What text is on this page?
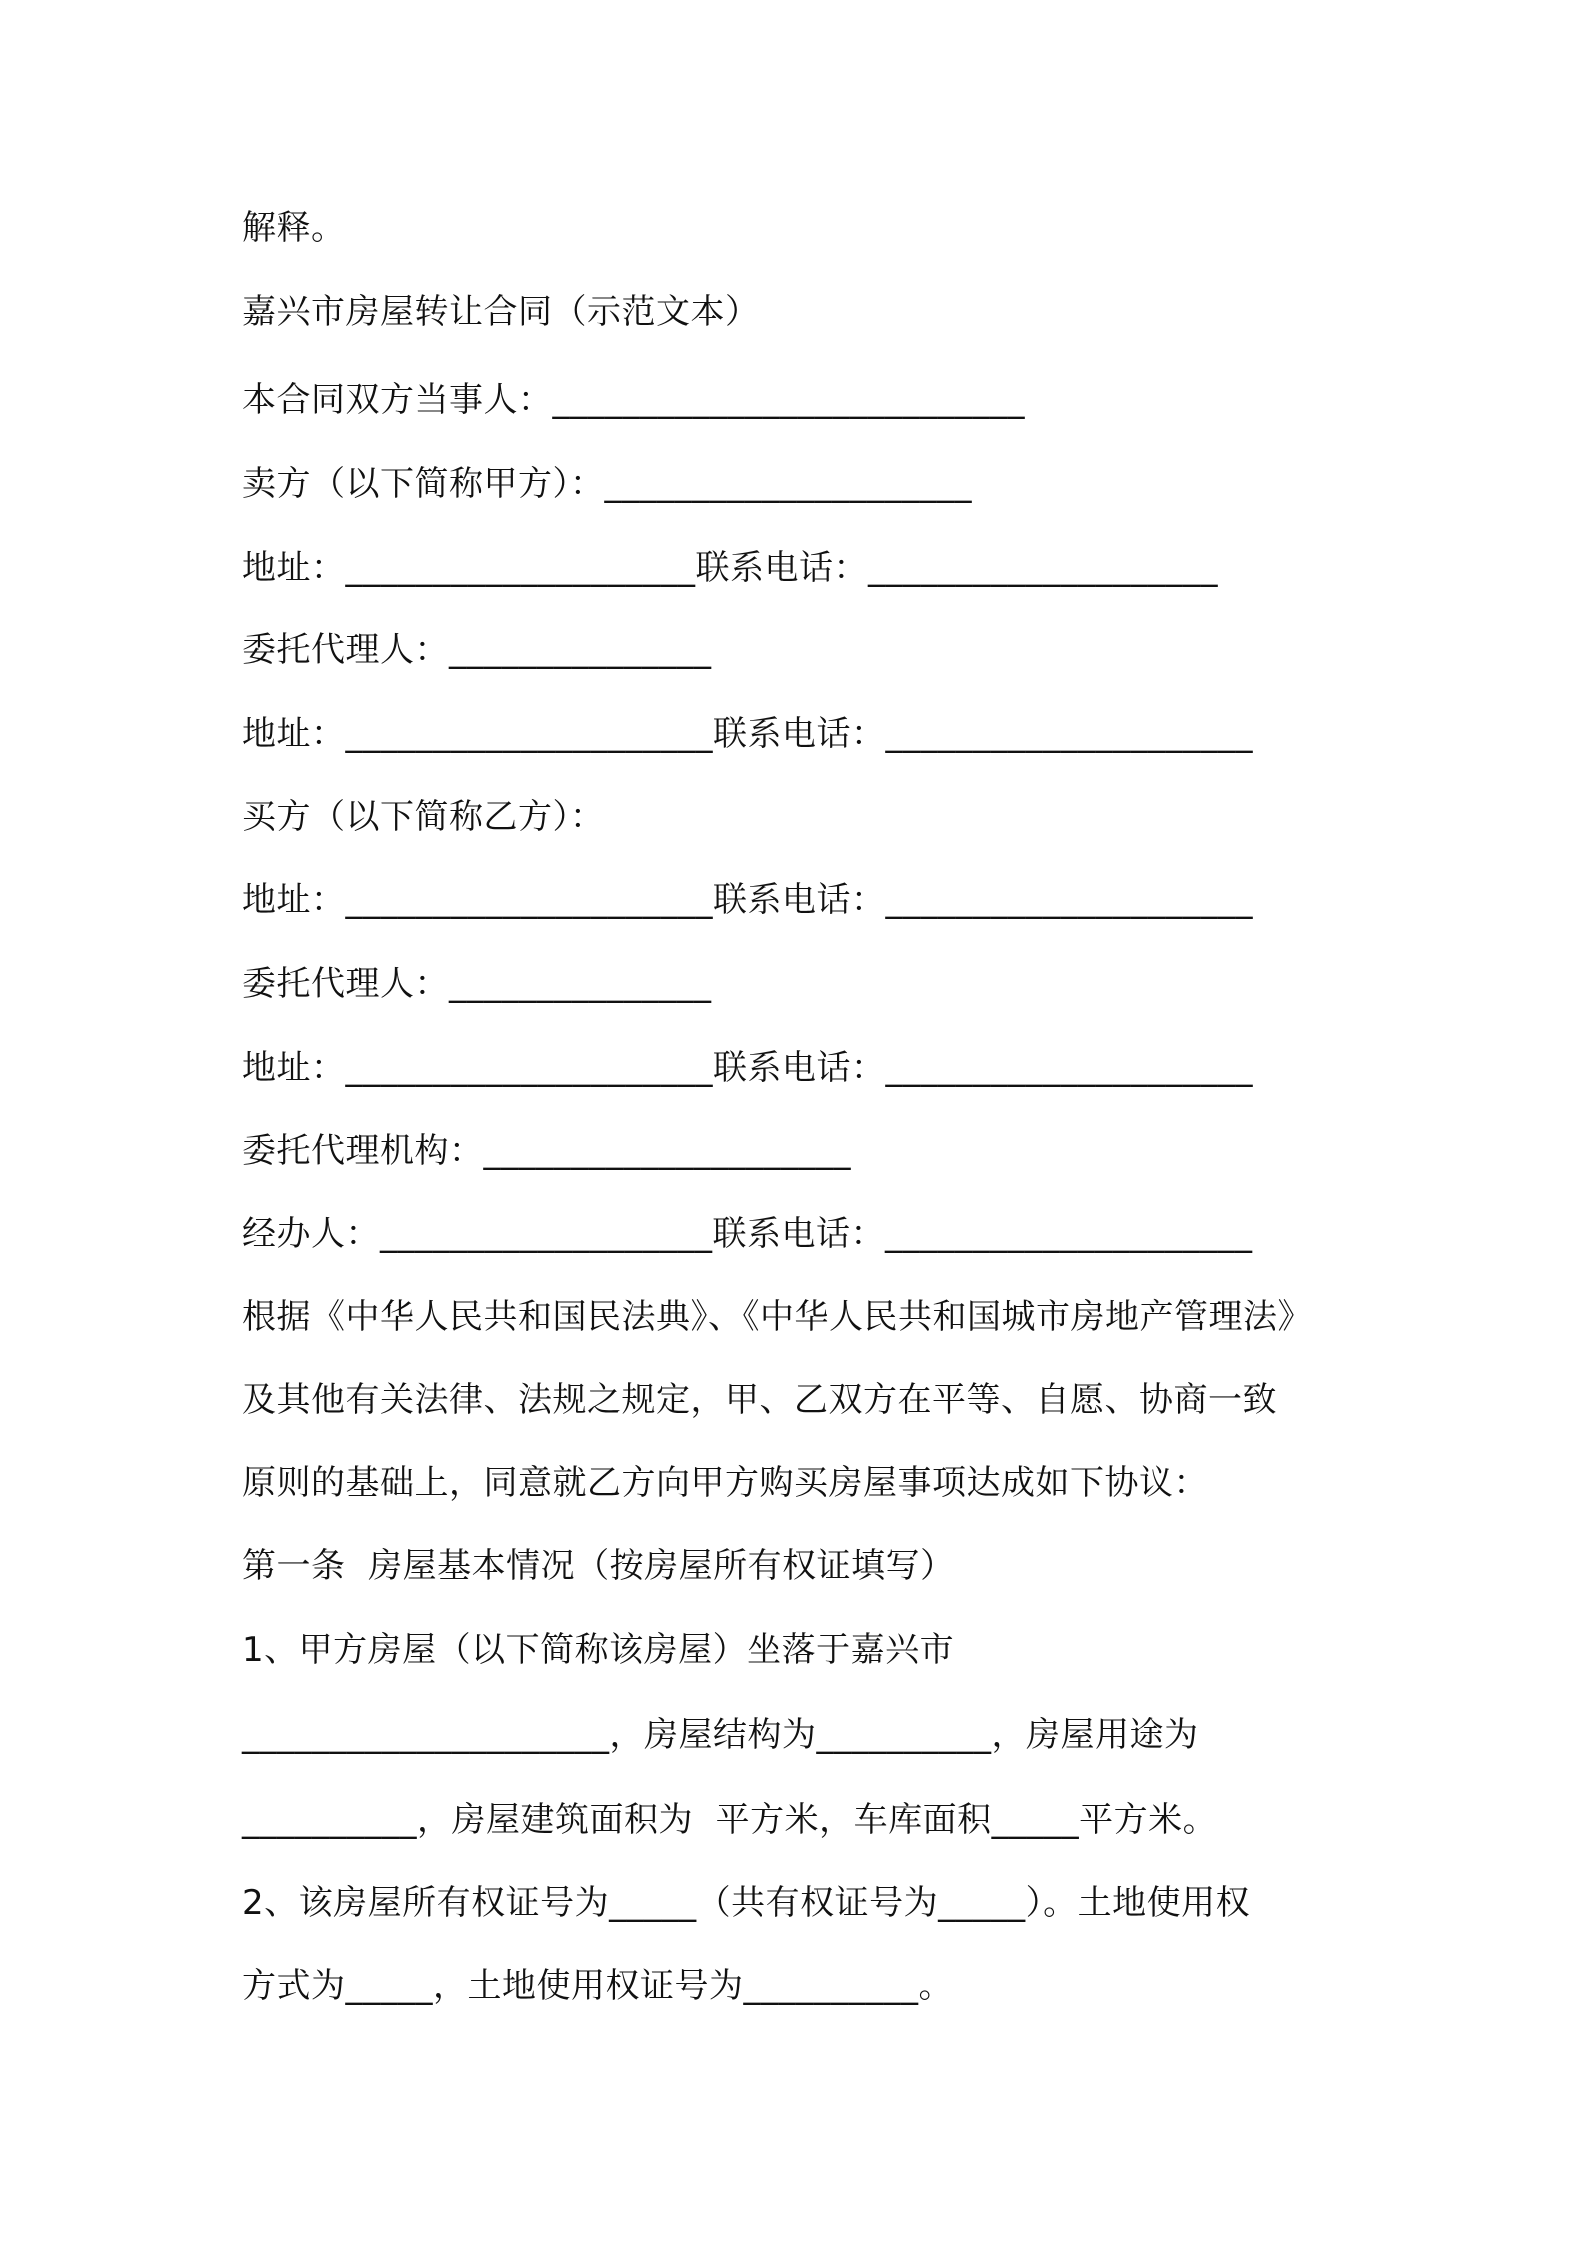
解释。
嘉兴市房屋转让合同（示范文本）
本合同双方当事人：___________________________
卖方（以下简称甲方）：_____________________
地址：____________________联系电话：____________________
委托代理人：_______________
地址：_____________________联系电话：_____________________
买方（以下简称乙方）：
地址：_____________________联系电话：_____________________
委托代理人：_______________
地址：_____________________联系电话：_____________________
委托代理机构：_____________________
经办人：___________________联系电话：_____________________
根据《中华人民共和国民法典》、《中华人民共和国城市房地产管理法》
及其他有关法律、法规之规定，甲、乙双方在平等、自愿、协商一致
原则的基础上，同意就乙方向甲方购买房屋事项达成如下协议：
第一条  房屋基本情况（按房屋所有权证填写）
1、甲方房屋（以下简称该房屋）坐落于嘉兴市
_____________________，房屋结构为__________，房屋用途为
__________，房屋建筑面积为  平方米，车库面积_____平方米。
2、该房屋所有权证号为_____（共有权证号为_____）。土地使用权
方式为_____，土地使用权证号为__________。
